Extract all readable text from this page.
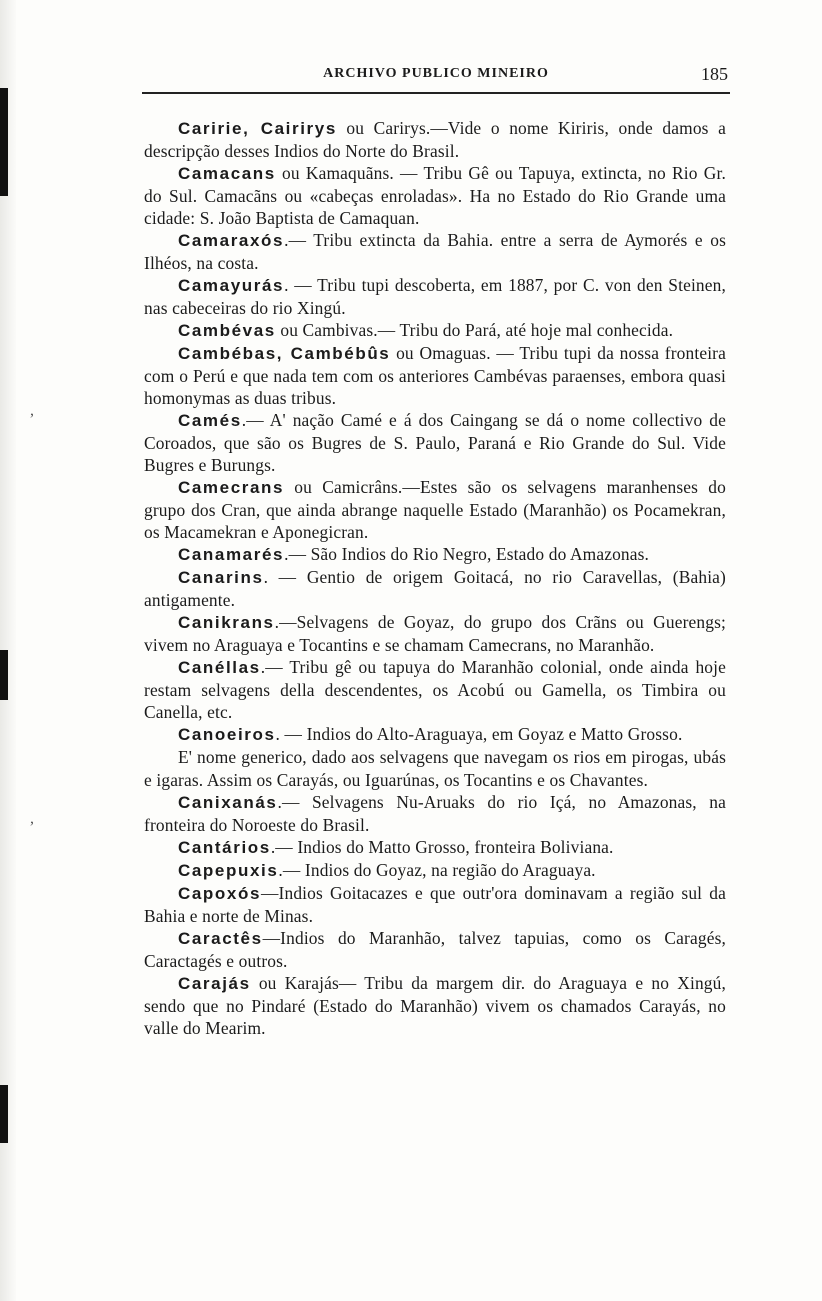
,
,
ARCHIVO PUBLICO MINEIRO	185

Caririe, Cairirys ou Carirys.—Vide o nome Kiriris, onde damos a descripção desses Indios do Norte do Brasil.

Camacans ou Kamaquãns. — Tribu Gê ou Tapuya, extincta, no Rio Gr. do Sul. Camacãns ou «cabeças enroladas». Ha no Estado do Rio Grande uma cidade: S. João Baptista de Camaquan.

Camaraxós.— Tribu extincta da Bahia. entre a serra de Aymorés e os Ilhéos, na costa.

Camayurás. — Tribu tupi descoberta, em 1887, por C. von den Steinen, nas cabeceiras do rio Xingú.

Cambévas ou Cambivas.— Tribu do Pará, até hoje mal conhecida.

Cambébas, Cambébûs ou Omaguas. — Tribu tupi da nossa fronteira com o Perú e que nada tem com os anteriores Cambévas paraenses, embora quasi homonymas as duas tribus.

Camés.— A' nação Camé e á dos Caingang se dá o nome collectivo de Coroados, que são os Bugres de S. Paulo, Paraná e Rio Grande do Sul. Vide Bugres e Burungs.

Camecrans ou Camicrâns.—Estes são os selvagens maranhenses do grupo dos Cran, que ainda abrange naquelle Estado (Maranhão) os Pocamekran, os Macamekran e Aponegicran.

Canamarés.— São Indios do Rio Negro, Estado do Amazonas.

Canarins. — Gentio de origem Goitacá, no rio Caravellas, (Bahia) antigamente.

Canikrans.—Selvagens de Goyaz, do grupo dos Crãns ou Guerengs; vivem no Araguaya e Tocantins e se chamam Camecrans, no Maranhão.

Canéllas.— Tribu gê ou tapuya do Maranhão colonial, onde ainda hoje restam selvagens della descendentes, os Acobú ou Gamella, os Timbira ou Canella, etc.

Canoeiros. — Indios do Alto-Araguaya, em Goyaz e Matto Grosso.

E' nome generico, dado aos selvagens que navegam os rios em pirogas, ubás e igaras. Assim os Carayás, ou Iguarúnas, os Tocantins e os Chavantes.

Canixanás.— Selvagens Nu-Aruaks do rio Içá, no Amazonas, na fronteira do Noroeste do Brasil.

Cantários.— Indios do Matto Grosso, fronteira Boliviana.

Capepuxis.— Indios do Goyaz, na região do Araguaya.

Capoxós—Indios Goitacazes e que outr'ora dominavam a região sul da Bahia e norte de Minas.

Caractês—Indios do Maranhão, talvez tapuias, como os Caragés, Caractagés e outros.

Carajás ou Karajás— Tribu da margem dir. do Araguaya e no Xingú, sendo que no Pindaré (Estado do Maranhão) vivem os chamados Carayás, no valle do Mearim.
